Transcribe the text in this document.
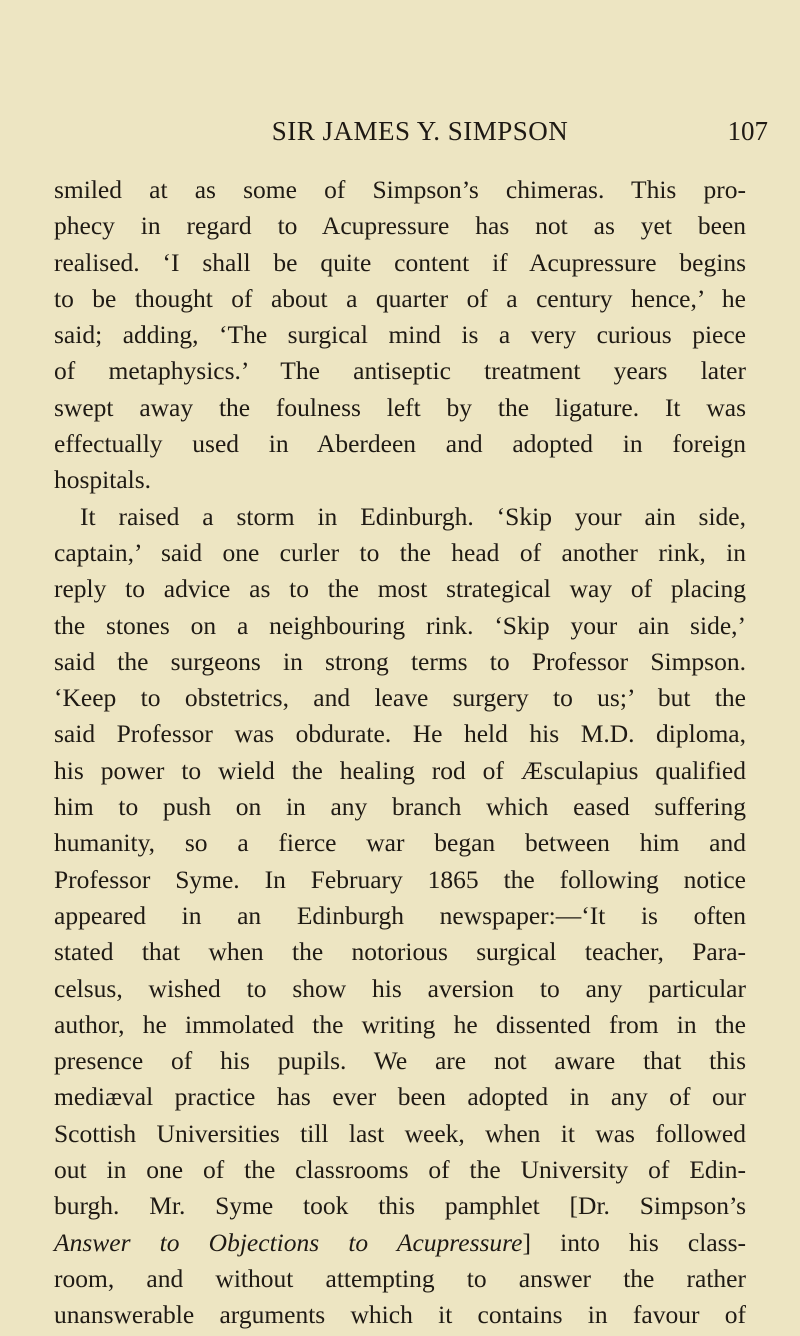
SIR JAMES Y. SIMPSON	107
smiled at as some of Simpson’s chimeras. This pro-
phecy in regard to Acupressure has not as yet been
realised. ‘I shall be quite content if Acupressure begins
to be thought of about a quarter of a century hence,’ he
said; adding, ‘The surgical mind is a very curious piece
of metaphysics.’ The antiseptic treatment years later
swept away the foulness left by the ligature. It was
effectually used in Aberdeen and adopted in foreign
hospitals.
It raised a storm in Edinburgh. ‘Skip your ain side,
captain,’ said one curler to the head of another rink, in
reply to advice as to the most strategical way of placing
the stones on a neighbouring rink. ‘Skip your ain side,’
said the surgeons in strong terms to Professor Simpson.
‘Keep to obstetrics, and leave surgery to us;’ but the
said Professor was obdurate. He held his M.D. diploma,
his power to wield the healing rod of Æsculapius qualified
him to push on in any branch which eased suffering
humanity, so a fierce war began between him and
Professor Syme. In February 1865 the following notice
appeared in an Edinburgh newspaper:—‘It is often
stated that when the notorious surgical teacher, Para-
celsus, wished to show his aversion to any particular
author, he immolated the writing he dissented from in the
presence of his pupils. We are not aware that this
mediæval practice has ever been adopted in any of our
Scottish Universities till last week, when it was followed
out in one of the classrooms of the University of Edin-
burgh. Mr. Syme took this pamphlet [Dr. Simpson’s
Answer to Objections to Acupressure] into his class-
room, and without attempting to answer the rather
unanswerable arguments which it contains in favour of
